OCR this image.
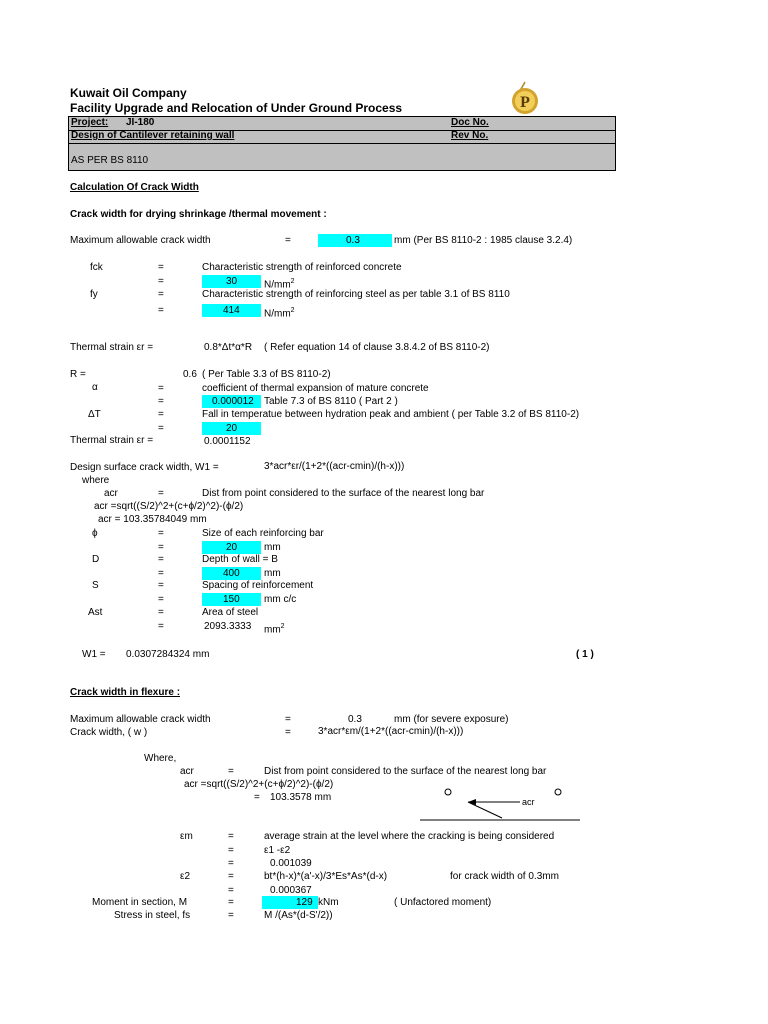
Kuwait Oil Company
Facility Upgrade and Relocation of Under Ground Process	P
Project: JI-180	Doc No.
Design of Cantilever retaining wall	Rev No.
AS PER BS 8110
Calculation Of Crack Width
Crack width for drying shrinkage /thermal movement :
Maximum allowable crack width	=	0.3	mm (Per BS 8110-2 : 1985 clause 3.2.4)
fck	=	Characteristic strength of reinforced concrete
=	30	$N/mm^2$
fy	=	Characteristic strength of reinforcing steel as per table 3.1 of BS 8110
=	414 $N/mm^2$
Thermal strain εr =	0.8*Δt*α*R ( Refer equation 14 of clause 3.8.4.2 of BS 8110-2)
R =	0.6 ( Per Table 3.3 of BS 8110-2)
α	=	coefficient of thermal expansion of mature concrete
=	0.000012 Table 7.3 of BS 8110 ( Part 2 )
ΔT	=	Fall in temperatue between hydration peak and ambient ( per Table 3.2 of BS 8110-2)
=	20
Thermal strain εr =	0.0001152
Design surface crack width, W1 =	3*acr*εr/(1+2*((acr-cmin)/(h-x)))
where
acr	=	Dist from point considered to the surface of the nearest long bar
acr =sqrt((S/2)^2+(c+ϕ/2)^2)-(ϕ/2)
acr = 103.35784049 mm
ϕ	=	Size of each reinforcing bar
=	20	mm
D	=	Depth of wall = B
=	400 mm
S	=	Spacing of reinforcement
=	150 mm c/c
Ast	=	Area of steel
=	2093.3333 $mm^2$
W1 = 0.0307284324 mm	( 1 )
Crack width in flexure :
Maximum allowable crack width	=	0.3	mm (for severe exposure)
Crack width, ( w )	=	3*acr*εm/(1+2*((acr-cmin)/(h-x)))
Where,
acr	=	Dist from point considered to the surface of the nearest long bar
acr =sqrt((S/2)^2+(c+ϕ/2)^2)-(ϕ/2)
= 103.3578 mm	acr
εm	=	average strain at the level where the cracking is being considered
=	ε1 -ε2
=	0.001039
ε2	=	bt*(h-x)*(a'-x)/3*Es*As*(d-x)	for crack width of 0.3mm
=	0.000367
Moment in section, M	=	129 kNm	( Unfactored moment)
Stress in steel, fs	=	M /(As*(d-S'/2))
